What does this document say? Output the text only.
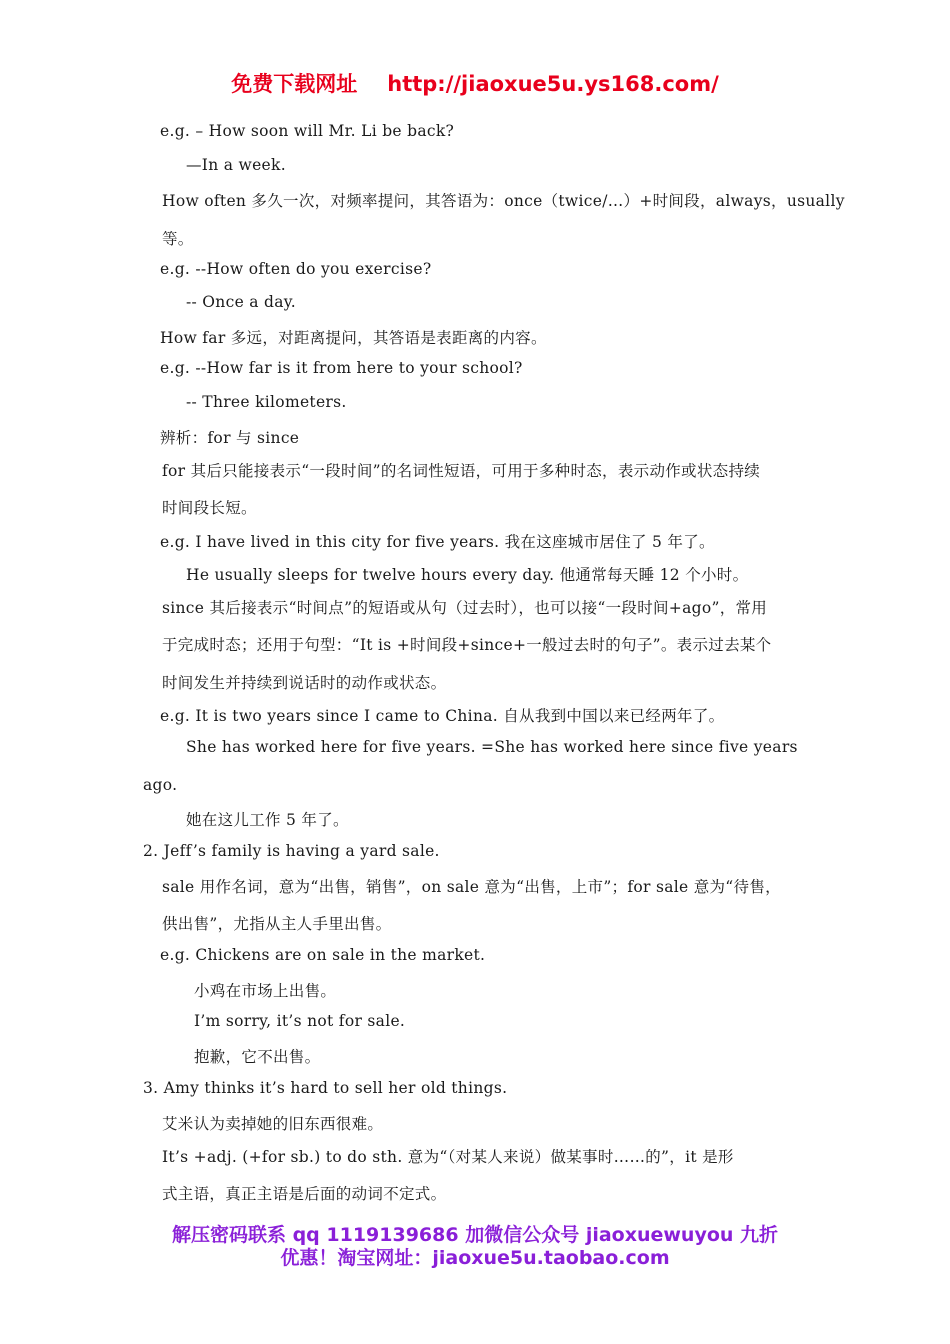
免费下载网址 http://jiaoxue5u.ys168.com/
e.g. – How soon will Mr. Li be back?
—In a week.
How often 多久一次，对频率提问，其答语为：once（twice/…）+时间段，always，usually
等。
e.g. --How often do you exercise?
-- Once a day.
How far 多远，对距离提问，其答语是表距离的内容。
e.g. --How far is it from here to your school?
-- Three kilometers.
辨析：for 与 since
for 其后只能接表示“一段时间”的名词性短语，可用于多种时态，表示动作或状态持续
时间段长短。
e.g. I have lived in this city for five years. 我在这座城市居住了 5 年了。
He usually sleeps for twelve hours every day. 他通常每天睡 12 个小时。
since 其后接表示“时间点”的短语或从句（过去时），也可以接“一段时间+ago”，常用
于完成时态；还用于句型：“It is +时间段+since+一般过去时的句子”。表示过去某个
时间发生并持续到说话时的动作或状态。
e.g. It is two years since I came to China. 自从我到中国以来已经两年了。
She has worked here for five years. =She has worked here since five years
ago.
她在这儿工作 5 年了。
2. Jeff’s family is having a yard sale.
sale 用作名词，意为“出售，销售”，on sale 意为“出售，上市”；for sale 意为“待售，
供出售”，尤指从主人手里出售。
e.g. Chickens are on sale in the market.
小鸡在市场上出售。
I’m sorry, it’s not for sale.
抱歉，它不出售。
3. Amy thinks it’s hard to sell her old things.
艾米认为卖掉她的旧东西很难。
It’s +adj. (+for sb.) to do sth. 意为“（对某人来说）做某事时……的”，it 是形
式主语，真正主语是后面的动词不定式。
解压密码联系 qq 1119139686 加微信公众号 jiaoxuewuyou 九折
优惠！淘宝网址：jiaoxue5u.taobao.com
